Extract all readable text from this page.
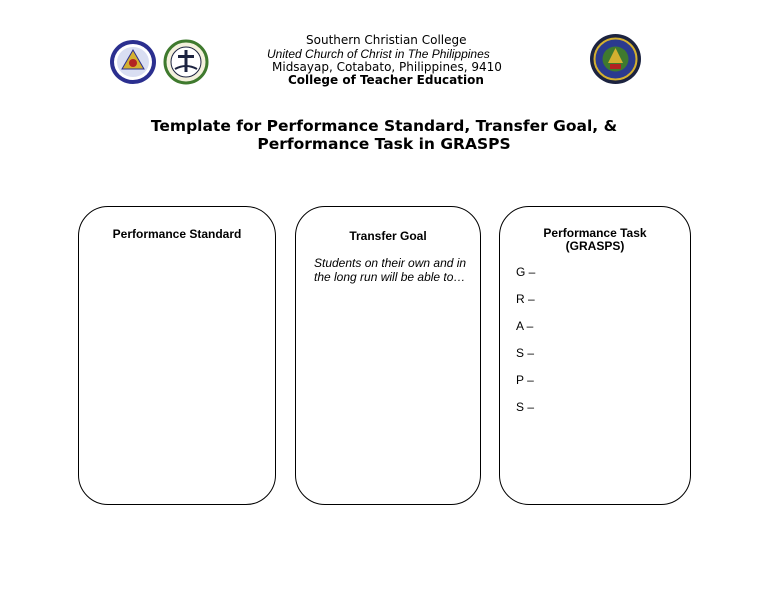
Southern Christian College
United Church of Christ in The Philippines
Midsayap, Cotabato, Philippines, 9410
College of Teacher Education
Template for Performance Standard, Transfer Goal, &
Performance Task in GRASPS
Performance Standard	Transfer Goal
Students on their own and in
the long run will be able to…
Performance Task
(GRASPS)
G –
R –
A –
S –
P –
S –
